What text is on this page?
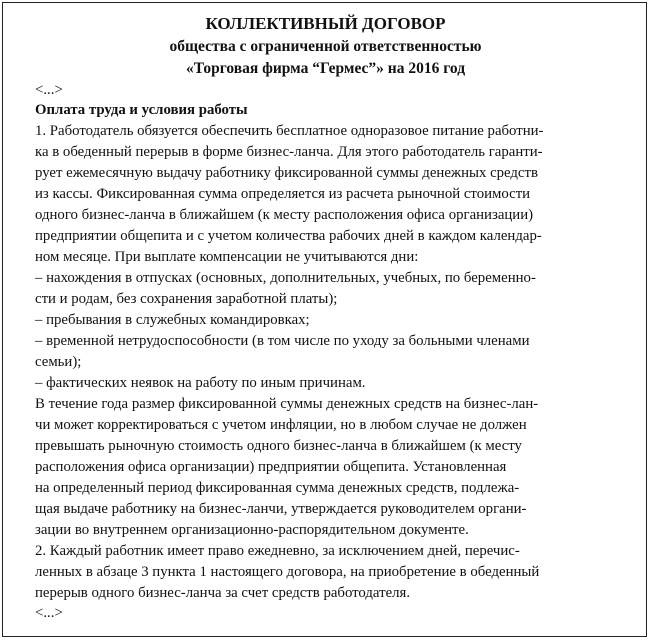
КОЛЛЕКТИВНЫЙ ДОГОВОР
общества с ограниченной ответственностью
«Торговая фирма “Гермес”» на 2016 год
<...>
Оплата труда и условия работы
1. Работодатель обязуется обеспечить бесплатное одноразовое питание работни-
ка в обеденный перерыв в форме бизнес-ланча. Для этого работодатель гаранти-
рует ежемесячную выдачу работнику фиксированной суммы денежных средств
из кассы. Фиксированная сумма определяется из расчета рыночной стоимости
одного бизнес-ланча в ближайшем (к месту расположения офиса организации)
предприятии общепита и с учетом количества рабочих дней в каждом календар-
ном месяце. При выплате компенсации не учитываются дни:
– нахождения в отпусках (основных, дополнительных, учебных, по беременно-
сти и родам, без сохранения заработной платы);
– пребывания в служебных командировках;
– временной нетрудоспособности (в том числе по уходу за больными членами
семьи);
– фактических неявок на работу по иным причинам.
В течение года размер фиксированной суммы денежных средств на бизнес-лан-
чи может корректироваться с учетом инфляции, но в любом случае не должен
превышать рыночную стоимость одного бизнес-ланча в ближайшем (к месту
расположения офиса организации) предприятии общепита. Установленная
на определенный период фиксированная сумма денежных средств, подлежа-
щая выдаче работнику на бизнес-ланчи, утверждается руководителем органи-
зации во внутреннем организационно-распорядительном документе.
2. Каждый работник имеет право ежедневно, за исключением дней, перечис-
ленных в абзаце 3 пункта 1 настоящего договора, на приобретение в обеденный
перерыв одного бизнес-ланча за счет средств работодателя.
<...>
